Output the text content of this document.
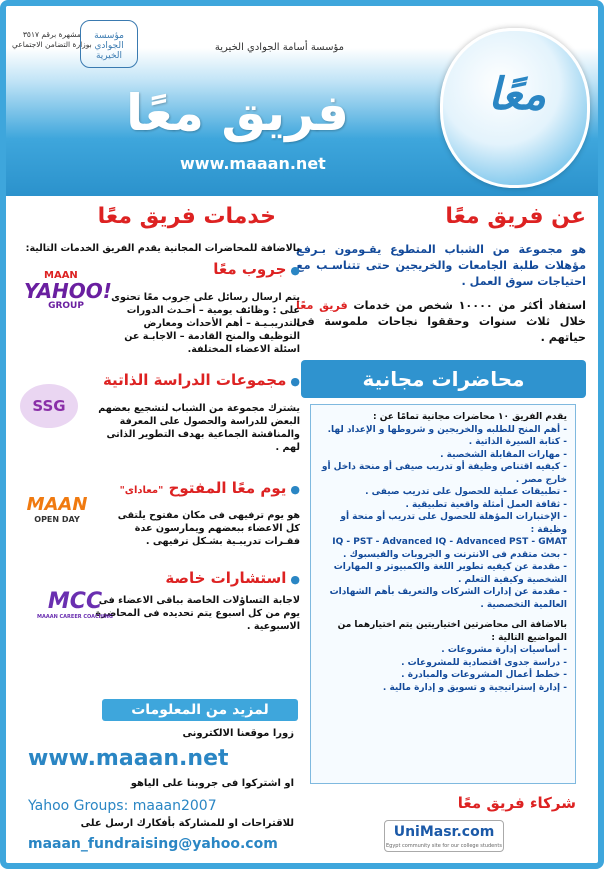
مشهرة برقم ٣٥١٧
بوزارة التضامن الاجتماعي
مؤسسة الجوادي الخيرية
مؤسسة أسامة الجوادي الخيرية
معًا
فريق معًا
www.maaan.net
عن فريق معًا
خدمات فريق معًا

هو مجموعة من الشباب المتطوع يقـومون بـرفع مؤهلات طلبة الجامعات والخريجين حتى تتناسـب مع احتياجات سوق العمل .

استفاد أكثر من ١٠٠٠٠ شخص من خدمات فريق معًا خلال ثلاث سنوات وحققوا نجاحات ملموسة فى حياتهم .

محاضرات مجانية
يقدم الفريق ١٠ محاضرات مجانية تمامًا عن :
- أهم المنح للطلبه والخريجين و شروطها و الإعداد لها.
- كتابة السيرة الذاتية .
- مهارات المقابلة الشخصية .
- كيفيه اقتناص وظيفة أو تدريب صيفى أو منحة داخل أو خارج مصر .
- تطبيقات عملية للحصول على تدريب صيفى .
- ثقافة العمل أمثلة واقعية تطبيقية .
- الإختبارات المؤهلة للحصول على تدريب أو منحة أو وظيفة :
IQ - PST - Advanced IQ - Advanced PST - GMAT
- بحث متقدم فى الانترنت و الجروبات والفيسبوك .
- مقدمة عن كيفيه تطوير اللغة والكمبيوتر و المهارات الشخصية وكيفية التعلم .
- مقدمة عن إدارات الشركات والتعريف بأهم الشهادات العالمية التخصصية .
بالاضافة الى محاضرتين اختياريتين يتم اختيارهما من المواضيع التالية :
- أساسيات إدارة مشروعات .
- دراسة جدوى اقتصادية للمشروعات .
- خطط أعمال المشروعات والمبادرة .
- إدارة إستراتيجية و تسويق و إدارة مالية .
شركاء فريق معًا
UniMasr.com
Egypt community site for our college students
بالاضافة للمحاضرات المجانية يقدم الفريق الخدمات التالية:
●جروب معًا
يتم ارسال رسائل على جروب معًا تحتوى على : وظائف يومية – أحـدث الدورات التدريبـيـة – أهم الأحداث ومعارض التوظيف والمنح القادمة – الاجابـة عن اسئلة الاعضاء المختلفة.
●مجموعات الدراسة الذاتية
يشترك مجموعة من الشباب لتشجيع بعضهم البعض للدراسة والحصول على المعرفة والمناقشة الجماعية بهدف التطوير الذاتى لهم .
●يوم معًا المفتوح "معاداى"
هو يوم ترفيهى فى مكان مفتوح يلتقى كل الاعضاء ببعضهم ويمارسون عدة فقـرات تدريبـية بشـكل ترفيهى .
●استشارات خاصة
لاجابة التساؤلات الخاصة بباقى الاعضاء فى يوم من كل اسبوع يتم تحديده فى المحاضرة الاسبوعية .
MAAN
YAHOO!
GROUP
SSG
MAAN
OPEN DAY
MCC
MAAAN CAREER COACHING
لمزيد من المعلومات
زورا موقعنا الالكترونى
www.maaan.net
او اشتركوا فى جروبنا على الياهو
Yahoo Groups: maaan2007
للاقتراحات او للمشاركة بأفكارك ارسل على
maaan_fundraising@yahoo.com
